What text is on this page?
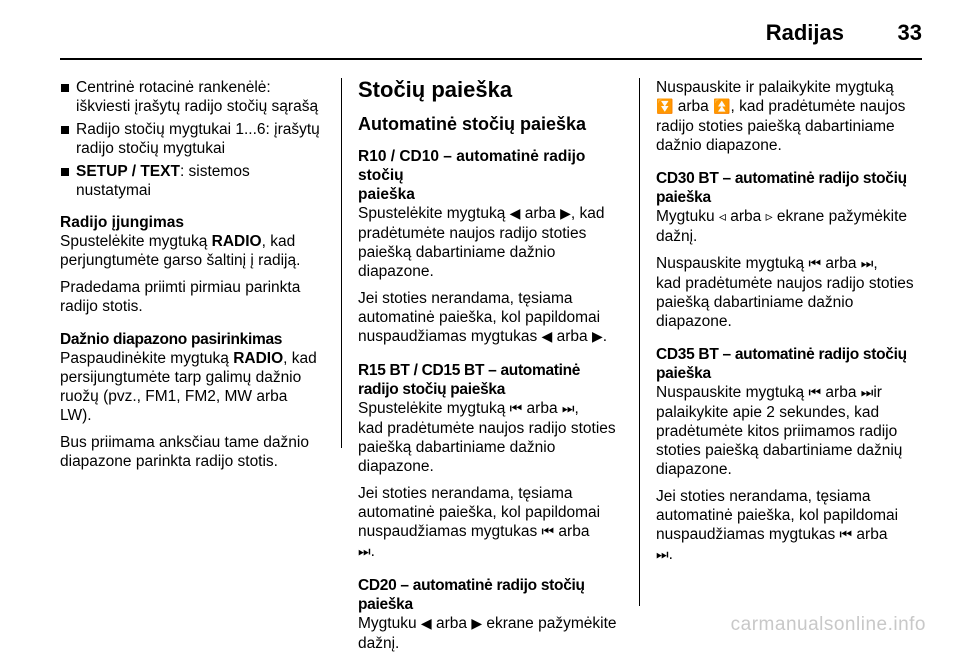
Radijas 33
Centrinė rotacinė rankenėlė:
iškviesti įrašytų radijo stočių sąrašą
Radijo stočių mygtukai 1...6: įrašytų
radijo stočių mygtukai
SETUP / TEXT: sistemos
nustatymai
Radijo įjungimas

Spustelėkite mygtuką RADIO, kad
perjungtumėte garso šaltinį į radiją.

Pradedama priimti pirmiau parinkta
radijo stotis.

Dažnio diapazono pasirinkimas

Paspaudinėkite mygtuką RADIO, kad
persijungtumėte tarp galimų dažnio
ruožų (pvz., FM1, FM2, MW arba
LW).

Bus priimama anksčiau tame dažnio
diapazone parinkta radijo stotis.

Stočių paieška
Automatinė stočių paieška
R10 / CD10 – automatinė radijo stočių
paieška

Spustelėkite mygtuką ◀ arba ▶, kad
pradėtumėte naujos radijo stoties
paiešką dabartiniame dažnio
diapazone.

Jei stoties nerandama, tęsiama
automatinė paieška, kol papildomai
nuspaudžiamas mygtukas ◀ arba ▶.

R15 BT / CD15 BT – automatinė
radijo stočių paieška

Spustelėkite mygtuką ⏮ arba ⏭,
kad pradėtumėte naujos radijo stoties
paiešką dabartiniame dažnio
diapazone.

Jei stoties nerandama, tęsiama
automatinė paieška, kol papildomai
nuspaudžiamas mygtukas ⏮ arba
⏭.

CD20 – automatinė radijo stočių
paieška

Mygtuku ◀ arba ▶ ekrane pažymėkite
dažnį.

Nuspauskite ir palaikykite mygtuką
⏬ arba ⏫, kad pradėtumėte naujos
radijo stoties paiešką dabartiniame
dažnio diapazone.

CD30 BT – automatinė radijo stočių
paieška

Mygtuku ◃ arba ▹ ekrane pažymėkite
dažnį.

Nuspauskite mygtuką ⏮ arba ⏭,
kad pradėtumėte naujos radijo stoties
paiešką dabartiniame dažnio
diapazone.

CD35 BT – automatinė radijo stočių
paieška

Nuspauskite mygtuką ⏮ arba ⏭ir
palaikykite apie 2 sekundes, kad
pradėtumėte kitos priimamos radijo
stoties paiešką dabartiniame dažnių
diapazone.

Jei stoties nerandama, tęsiama
automatinė paieška, kol papildomai
nuspaudžiamas mygtukas ⏮ arba
⏭.

carmanualsonline.info
